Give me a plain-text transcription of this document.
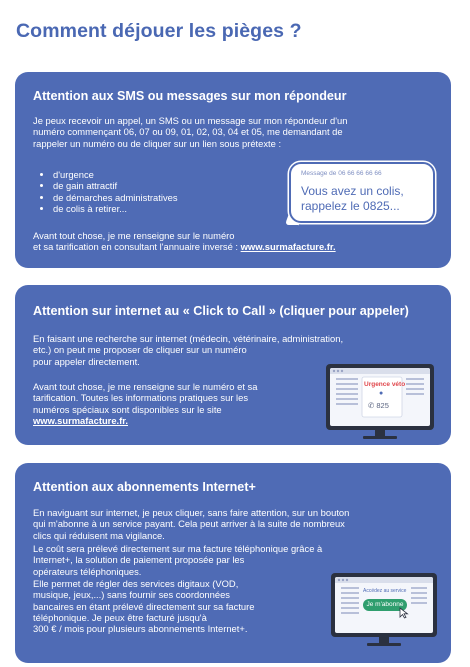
Comment déjouer les pièges ?
Attention aux SMS ou messages sur mon répondeur
Je peux recevoir un appel, un SMS ou un message sur mon répondeur d'un
numéro commençant 06, 07 ou 09, 01, 02, 03, 04 et 05, me demandant de
rappeler un numéro ou de cliquer sur un lien sous prétexte :
• d'urgence
• de gain attractif
• de démarches administratives
• de colis à retirer...
Avant tout chose, je me renseigne sur le numéro
et sa tarification en consultant l'annuaire inversé : www.surmafacture.fr.
Message de 06 66 66 66 66
Vous avez un colis, rappelez le 0825...
Attention sur internet au « Click to Call » (cliquer pour appeler)
En faisant une recherche sur internet (médecin, vétérinaire, administration,
etc.) on peut me proposer de cliquer sur un numéro
pour appeler directement.
Avant tout chose, je me renseigne sur le numéro et sa
tarification. Toutes les informations pratiques sur les
numéros spéciaux sont disponibles sur le site
www.surmafacture.fr.
Urgence véto
●
✆ 825
Attention aux abonnements Internet+
En naviguant sur internet, je peux cliquer, sans faire attention, sur un bouton
qui m'abonne à un service payant. Cela peut arriver à la suite de nombreux
clics qui réduisent ma vigilance.
Le coût sera prélevé directement sur ma facture téléphonique grâce à
Internet+, la solution de paiement proposée par les
opérateurs téléphoniques.
Elle permet de régler des services digitaux (VOD,
musique, jeux,...) sans fournir ses coordonnées
bancaires en étant prélevé directement sur sa facture
téléphonique. Je peux être facturé jusqu'à
300 € / mois pour plusieurs abonnements Internet+.
Accédez au service
Je m'abonne
